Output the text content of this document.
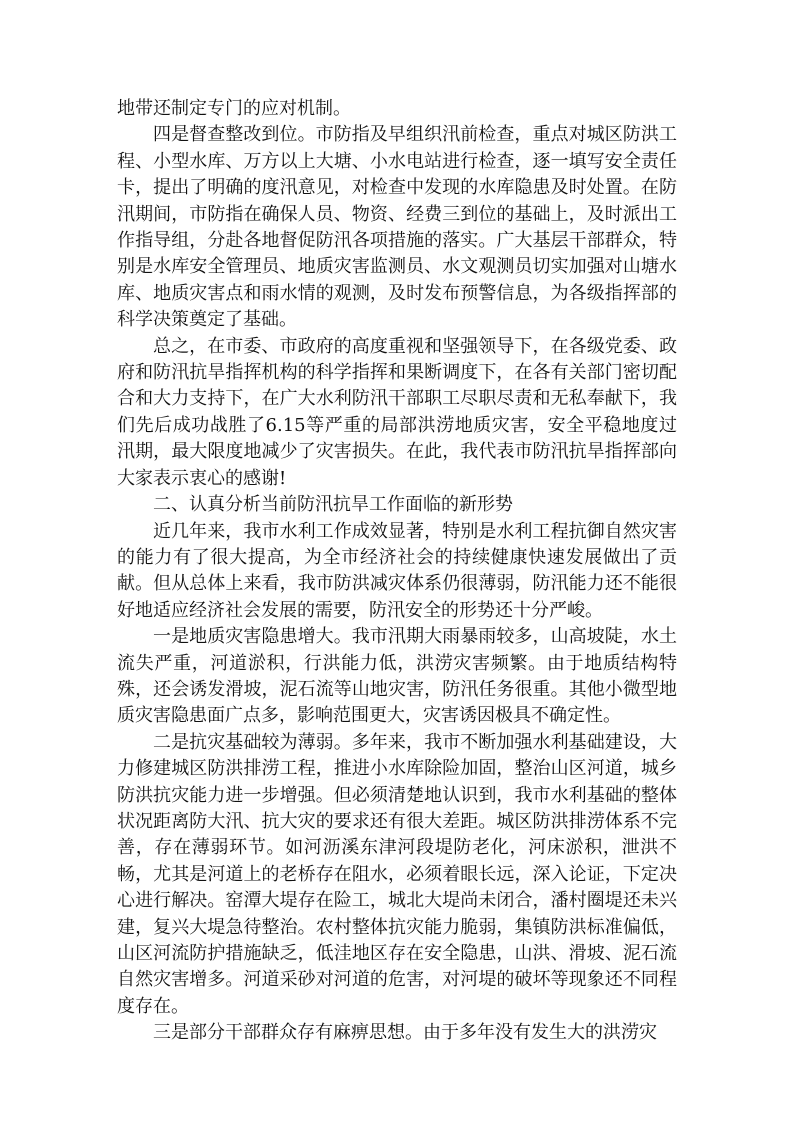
地带还制定专门的应对机制。

四是督查整改到位。市防指及早组织汛前检查，重点对城区防洪工程、小型水库、万方以上大塘、小水电站进行检查，逐一填写安全责任卡，提出了明确的度汛意见，对检查中发现的水库隐患及时处置。在防汛期间，市防指在确保人员、物资、经费三到位的基础上，及时派出工作指导组，分赴各地督促防汛各项措施的落实。广大基层干部群众，特别是水库安全管理员、地质灾害监测员、水文观测员切实加强对山塘水库、地质灾害点和雨水情的观测，及时发布预警信息，为各级指挥部的科学决策奠定了基础。

总之，在市委、市政府的高度重视和坚强领导下，在各级党委、政府和防汛抗旱指挥机构的科学指挥和果断调度下，在各有关部门密切配合和大力支持下，在广大水利防汛干部职工尽职尽责和无私奉献下，我们先后成功战胜了6.15等严重的局部洪涝地质灾害，安全平稳地度过汛期，最大限度地减少了灾害损失。在此，我代表市防汛抗旱指挥部向大家表示衷心的感谢!

二、认真分析当前防汛抗旱工作面临的新形势

近几年来，我市水利工作成效显著，特别是水利工程抗御自然灾害的能力有了很大提高，为全市经济社会的持续健康快速发展做出了贡献。但从总体上来看，我市防洪减灾体系仍很薄弱，防汛能力还不能很好地适应经济社会发展的需要，防汛安全的形势还十分严峻。

一是地质灾害隐患增大。我市汛期大雨暴雨较多，山高坡陡，水土流失严重，河道淤积，行洪能力低，洪涝灾害频繁。由于地质结构特殊，还会诱发滑坡，泥石流等山地灾害，防汛任务很重。其他小微型地质灾害隐患面广点多，影响范围更大，灾害诱因极具不确定性。

二是抗灾基础较为薄弱。多年来，我市不断加强水利基础建设，大力修建城区防洪排涝工程，推进小水库除险加固，整治山区河道，城乡防洪抗灾能力进一步增强。但必须清楚地认识到，我市水利基础的整体状况距离防大汛、抗大灾的要求还有很大差距。城区防洪排涝体系不完善，存在薄弱环节。如河沥溪东津河段堤防老化，河床淤积，泄洪不畅，尤其是河道上的老桥存在阻水，必须着眼长远，深入论证，下定决心进行解决。窑潭大堤存在险工，城北大堤尚未闭合，潘村圈堤还未兴建，复兴大堤急待整治。农村整体抗灾能力脆弱，集镇防洪标准偏低，山区河流防护措施缺乏，低洼地区存在安全隐患，山洪、滑坡、泥石流自然灾害增多。河道采砂对河道的危害，对河堤的破坏等现象还不同程度存在。

三是部分干部群众存有麻痹思想。由于多年没有发生大的洪涝灾
